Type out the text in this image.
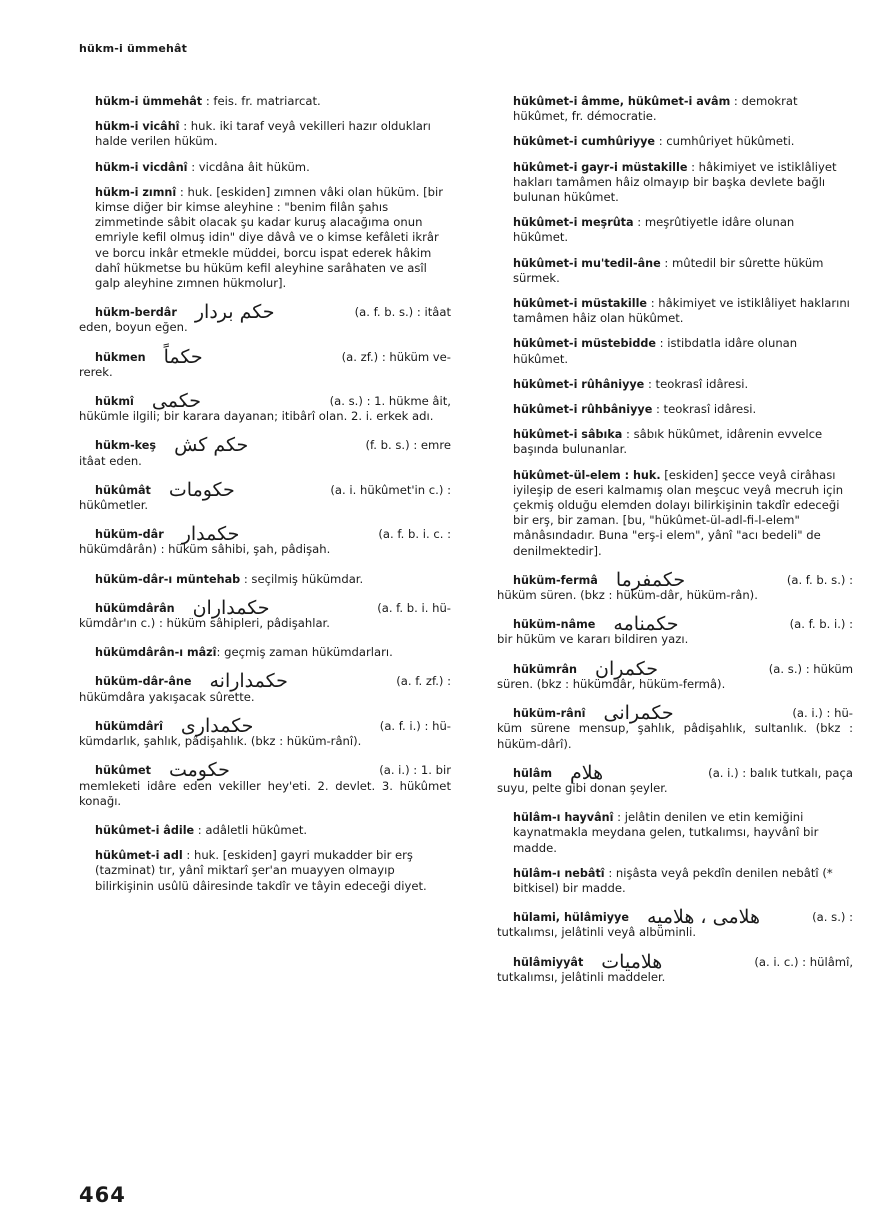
hükm-i ümmehât
hükm-i ümmehât : feis. fr. matriarcat.
hükm-i vicâhî : huk. iki taraf veyâ vekilleri hazır oldukları halde verilen hüküm.
hükm-i vicdânî : vicdâna âit hüküm.
hükm-i zımnî : huk. [eskiden] zımnen vâki olan hüküm. [bir kimse diğer bir kimse aleyhine : "benim filân şahıs zimmetinde sâbit olacak şu kadar kuruş alacağıma onun emriyle kefil olmuş idin" diye dâvâ ve o kimse kefâleti ikrâr ve borcu inkâr etmekle müddei, borcu ispat ederek hâkim dahî hükmetse bu hüküm kefil aleyhine sarâhaten ve asîl galp aleyhine zımnen hükmolur].
hükm-berdâr حکم بردار	(a. f. b. s.) : itâat
eden, boyun eğen.
hükmen حکماً	(a. zf.) : hüküm ve-
rerek.
hükmî حکمی	(a. s.) : 1. hükme âit,
hükümle ilgili; bir karara dayanan; itibârî olan. 2. i. erkek adı.
hükm-keş حکم کش	(f. b. s.) : emre
itâat eden.
hükûmât حکومات	(a. i. hükûmet'in c.) :
hükûmetler.
hüküm-dâr حکمدار	(a. f. b. i. c. :
hükümdârân) : hüküm sâhibi, şah, pâdişah.
hüküm-dâr-ı müntehab : seçilmiş hükümdar.
hükümdârân حکمداران	(a. f. b. i. hü-
kümdâr'ın c.) : hüküm sâhipleri, pâdişahlar.
hükümdârân-ı mâzî: geçmiş zaman hükümdarları.
hüküm-dâr-âne حکمدارانه	(a. f. zf.) :
hükümdâra yakışacak sûrette.
hükümdârî حکمداری	(a. f. i.) : hü-
kümdarlık, şahlık, pâdişahlık. (bkz : hüküm-rânî).
hükûmet حکومت	(a. i.) : 1. bir
memleketi idâre eden vekiller hey'eti. 2. devlet. 3. hükûmet konağı.
hükûmet-i âdile : adâletli hükûmet.
hükûmet-i adl : huk. [eskiden] gayri mukadder bir erş (tazminat) tır, yânî miktarî şer'an muayyen olmayıp bilirkişinin usûlü dâiresinde takdîr ve tâyin edeceği diyet.
hükûmet-i âmme, hükûmet-i avâm : demokrat hükûmet, fr. démocratie.
hükûmet-i cumhûriyye : cumhûriyet hükûmeti.
hükûmet-i gayr-i müstakille : hâkimiyet ve istiklâliyet hakları tamâmen hâiz olmayıp bir başka devlete bağlı bulunan hükûmet.
hükûmet-i meşrûta : meşrûtiyetle idâre olunan hükûmet.
hükûmet-i mu'tedil-âne : mûtedil bir sûrette hüküm sürmek.
hükûmet-i müstakille : hâkimiyet ve istiklâliyet haklarını tamâmen hâiz olan hükûmet.
hükûmet-i müstebidde : istibdatla idâre olunan hükûmet.
hükûmet-i rûhâniyye : teokrasî idâresi.
hükûmet-i rûhbâniyye : teokrasî idâresi.
hükûmet-i sâbıka : sâbık hükûmet, idârenin evvelce başında bulunanlar.
hükûmet-ül-elem : huk. [eskiden] şecce veyâ cirâhası iyileşip de eseri kalmamış olan meşcuc veyâ mecruh için çekmiş olduğu elemden dolayı bilirkişinin takdîr edeceği bir erş, bir zaman. [bu, "hükûmet-ül-adl-fi-l-elem" mânâsındadır. Buna "erş-i elem", yânî "acı bedeli" de denilmektedir].
hüküm-fermâ حکمفرما	(a. f. b. s.) :
hüküm süren. (bkz : hüküm-dâr, hüküm-rân).
hüküm-nâme حکمنامه	(a. f. b. i.) :
bir hüküm ve kararı bildiren yazı.
hükümrân حکمران	(a. s.) : hüküm
süren. (bkz : hükümdâr, hüküm-fermâ).
hüküm-rânî حکمرانی	(a. i.) : hü-
küm sürene mensup, şahlık, pâdişahlık, sultanlık. (bkz : hüküm-dârî).
hülâm هلام	(a. i.) : balık tutkalı, paça
suyu, pelte gibi donan şeyler.
hülâm-ı hayvânî : jelâtin denilen ve etin kemiğini kaynatmakla meydana gelen, tutkalımsı, hayvânî bir madde.
hülâm-ı nebâtî : nişâsta veyâ pekdîn denilen nebâtî (* bitkisel) bir madde.
hülami, hülâmiyye هلامی ، هلامیه	(a. s.) :
tutkalımsı, jelâtinli veyâ albüminli.
hülâmiyyât هلامیات	(a. i. c.) : hülâmî,
tutkalımsı, jelâtinli maddeler.
464
